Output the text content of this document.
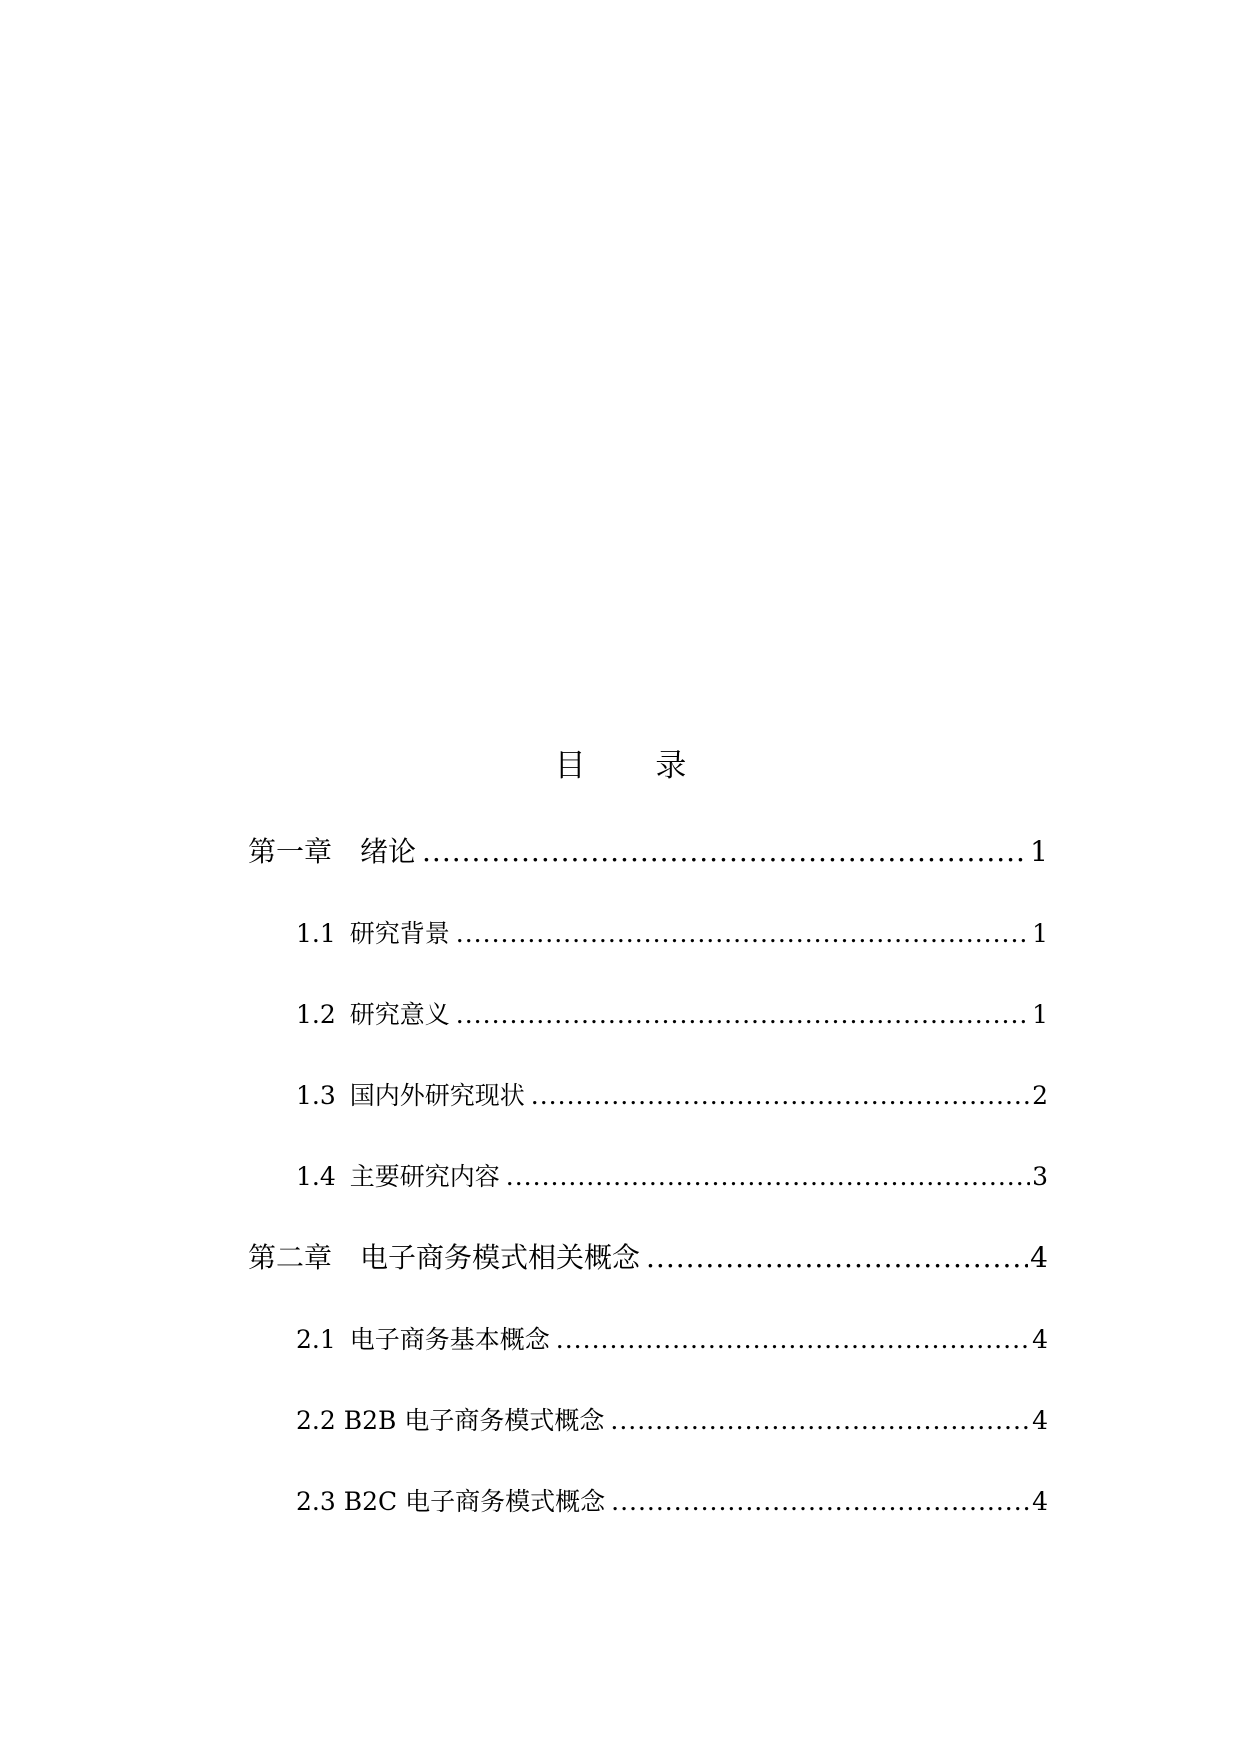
目 录
第一章 绪论 .....	1
1.1 研究背景 .....	1
1.2 研究意义 .....	1
1.3 国内外研究现状 .....	2
1.4 主要研究内容 .....	3
第二章 电子商务模式相关概念 .....	4
2.1 电子商务基本概念 .....	4
2.2 B2B 电子商务模式概念 .....	4
2.3 B2C 电子商务模式概念 .....	4
